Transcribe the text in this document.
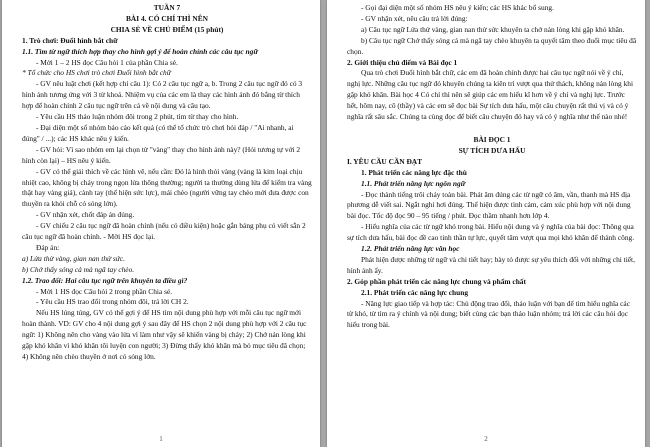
TUẦN 7

BÀI 4. CÓ CHÍ THÌ NÊN

CHIA SẺ VỀ CHỦ ĐIỂM (15 phút)

1. Trò chơi: Đuổi hình bắt chữ

1.1. Tìm từ ngữ thích hợp thay cho hình gợi ý để hoàn chỉnh các câu tục ngữ

- Mời 1 – 2 HS đọc Câu hỏi 1 của phần Chia sẻ.

* Tổ chức cho HS chơi trò chơi Đuổi hình bắt chữ

- GV nêu luật chơi (kết hợp chỉ câu 1): Có 2 câu tục ngữ a, b. Trong 2 câu tục ngữ đó có 3 hình ảnh tương ứng với 3 từ khoá. Nhiệm vụ của các em là thay các hình ảnh đó bằng từ thích hợp để hoàn chỉnh 2 câu tục ngữ trên cả về nội dung và câu tạo.

- Yêu cầu HS thảo luận nhóm đôi trong 2 phút, tìm từ thay cho hình.

- Đại diện một số nhóm báo cáo kết quả (có thể tổ chức trò chơi hỏi đáp / "Ai nhanh, ai đúng" / ...); các HS khác nêu ý kiến.

- GV hỏi: Vì sao nhóm em lại chọn từ "vàng" thay cho hình ảnh này? (Hỏi tương tự với 2 hình còn lại) – HS nêu ý kiến.

- GV có thể giải thích về các hình vẽ, nếu cần: Đó là hình thỏi vàng (vàng là kim loại chịu nhiệt cao, không bị cháy trong ngọn lửa thông thường; người ta thường dùng lửa để kiểm tra vàng thật hay vàng giả), cành tay (thể hiện sức lực), mái chèo (người vững tay chèo mới đưa được con thuyền ra khỏi chỗ có sóng lớn).

- GV nhận xét, chốt đáp án đúng.

- GV chiếu 2 câu tục ngữ đã hoàn chỉnh (nếu có điều kiện) hoặc gắn bảng phụ có viết sẵn 2 câu tục ngữ đã hoàn chỉnh. - Mời HS đọc lại.

Đáp án:

a) Lửa thử vàng, gian nan thử sức.

b) Chớ thấy sóng cả mà ngã tay chèo.

1.2. Trao đổi: Hai câu tục ngữ trên khuyên ta điều gì?

- Mời 1 HS đọc Câu hỏi 2 trong phần Chia sẻ.

- Yêu cầu HS trao đổi trong nhóm đôi, trả lời CH 2.

Nếu HS lúng túng, GV có thể gợi ý để HS tìm nội dung phù hợp với mỗi câu tục ngữ mới hoàn thành. VD: GV cho 4 nội dung gợi ý sau đây để HS chọn 2 nội dung phù hợp với 2 câu tục ngữ: 1) Không nên cho vàng vào lửa vì làm như vậy sẽ khiến vàng bị cháy; 2) Chớ nản lòng khi gặp khó khăn vì khó khăn tôi luyện con người; 3) Đừng thấy khó khăn mà bỏ mục tiêu đã chọn; 4) Không nên chèo thuyền ở nơi có sóng lớn.

1

- Gọi đại diện một số nhóm HS nêu ý kiến; các HS khác bổ sung.

- GV nhận xét, nêu câu trả lời đúng:

a) Câu tục ngữ Lửa thử vàng, gian nan thử sức khuyên ta chớ nản lòng khi gặp khó khăn.

b) Câu tục ngữ Chớ thấy sóng cả mà ngã tay chèo khuyên ta quyết tâm theo đuổi mục tiêu đã chọn.

2. Giới thiệu chủ điểm và Bài đọc 1

Qua trò chơi Đuổi hình bắt chữ, các em đã hoàn chỉnh được hai câu tục ngữ nói về ý chí, nghị lực. Những câu tục ngữ đó khuyên chúng ta kiên trì vượt qua thử thách, không nản lòng khi gặp khó khăn. Bài học 4 Có chí thì nên sẽ giúp các em hiểu kĩ hơn về ý chí và nghị lực. Trước hết, hôm nay, cô (thầy) và các em sẽ đọc bài Sự tích dưa hấu, một câu chuyện rất thú vị và có ý nghĩa rất sâu sắc. Chúng ta cùng đọc để biết câu chuyện đó hay và có ý nghĩa như thế nào nhé!

BÀI ĐỌC 1

SỰ TÍCH DƯA HẤU

I. YÊU CẦU CẦN ĐẠT

1. Phát triển các năng lực đặc thù

1.1. Phát triển năng lực ngôn ngữ

- Đọc thành tiếng trôi chảy toàn bài. Phát âm đúng các từ ngữ có âm, vần, thanh mà HS địa phương dễ viết sai. Ngắt nghỉ hơi đúng. Thể hiện được tình cảm, cảm xúc phù hợp với nội dung bài đọc. Tốc độ đọc 90 – 95 tiếng / phút. Đọc thầm nhanh hơn lớp 4.

- Hiểu nghĩa của các từ ngữ khó trong bài. Hiểu nội dung và ý nghĩa của bài đọc: Thông qua sự tích dưa hấu, bài đọc đề cao tinh thần tự lực, quyết tâm vượt qua mọi khó khăn để thành công.

1.2. Phát triển năng lực văn học

Phát hiện được những từ ngữ và chi tiết hay; bày tỏ được sự yêu thích đối với những chi tiết, hình ảnh ấy.

2. Góp phần phát triển các năng lực chung và phẩm chất

2.1. Phát triển các năng lực chung

- Năng lực giao tiếp và hợp tác: Chủ động trao đổi, thảo luận với bạn để tìm hiểu nghĩa các từ khó, từ tìm ra ý chính và nội dung; biết cùng các bạn thảo luận nhóm; trả lời các câu hỏi đọc hiểu trong bài.

2
